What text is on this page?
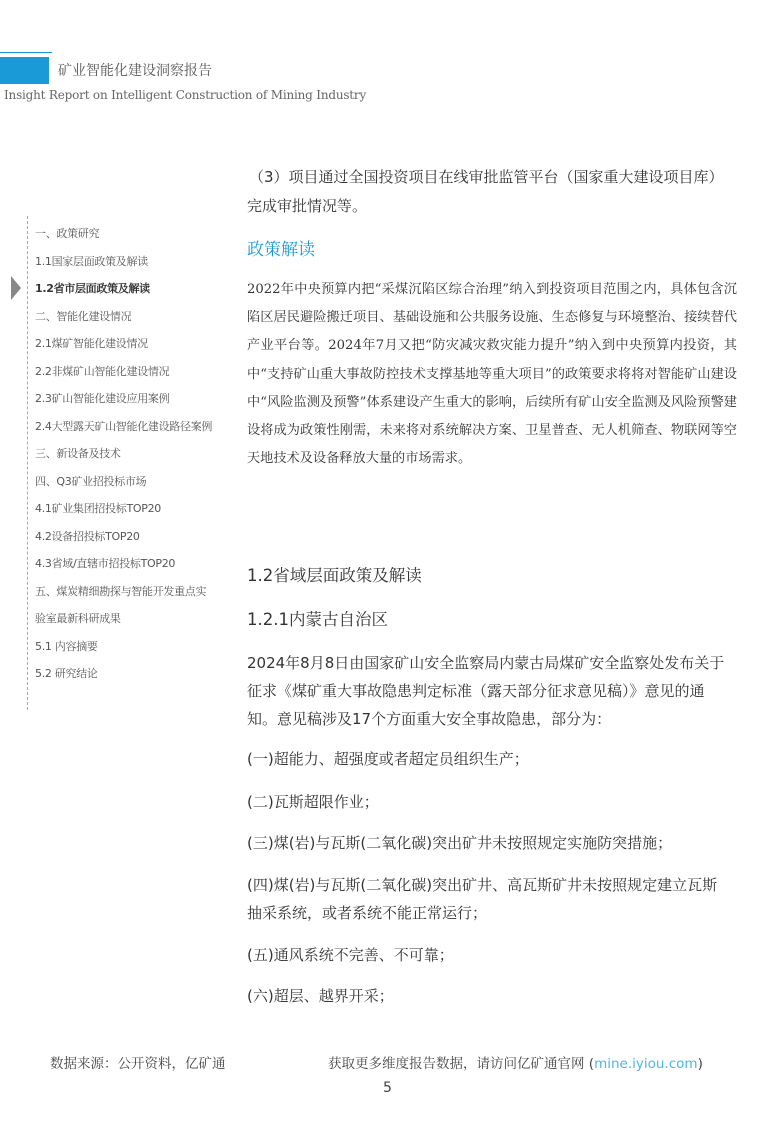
矿业智能化建设洞察报告
Insight Report on Intelligent Construction of Mining Industry
一、政策研究
1.1国家层面政策及解读
1.2省市层面政策及解读
二、智能化建设情况
2.1煤矿智能化建设情况
2.2非煤矿山智能化建设情况
2.3矿山智能化建设应用案例
2.4大型露天矿山智能化建设路径案例
三、新设备及技术
四、Q3矿业招投标市场
4.1矿业集团招投标TOP20
4.2设备招投标TOP20
4.3省域/直辖市招投标TOP20
五、煤炭精细勘探与智能开发重点实
验室最新科研成果
5.1 内容摘要
5.2 研究结论
（3）项目通过全国投资项目在线审批监管平台（国家重大建设项目库）完成审批情况等。
政策解读
2022年中央预算内把“采煤沉陷区综合治理”纳入到投资项目范围之内，具体包含沉陷区居民避险搬迁项目、基础设施和公共服务设施、生态修复与环境整治、接续替代产业平台等。2024年7月又把“防灾减灾救灾能力提升”纳入到中央预算内投资，其中“支持矿山重大事故防控技术支撑基地等重大项目”的政策要求将将对智能矿山建设中“风险监测及预警”体系建设产生重大的影响，后续所有矿山安全监测及风险预警建设将成为政策性刚需，未来将对系统解决方案、卫星普查、无人机筛查、物联网等空天地技术及设备释放大量的市场需求。
1.2省域层面政策及解读
1.2.1内蒙古自治区
2024年8月8日由国家矿山安全监察局内蒙古局煤矿安全监察处发布关于征求《煤矿重大事故隐患判定标准（露天部分征求意见稿）》意见的通知。意见稿涉及17个方面重大安全事故隐患，部分为：
(一)超能力、超强度或者超定员组织生产；
(二)瓦斯超限作业；
(三)煤(岩)与瓦斯(二氧化碳)突出矿井未按照规定实施防突措施；
(四)煤(岩)与瓦斯(二氧化碳)突出矿井、高瓦斯矿井未按照规定建立瓦斯抽采系统，或者系统不能正常运行；
(五)通风系统不完善、不可靠；
(六)超层、越界开采；
数据来源：公开资料，亿矿通	获取更多维度报告数据，请访问亿矿通官网 (mine.iyiou.com)
5
